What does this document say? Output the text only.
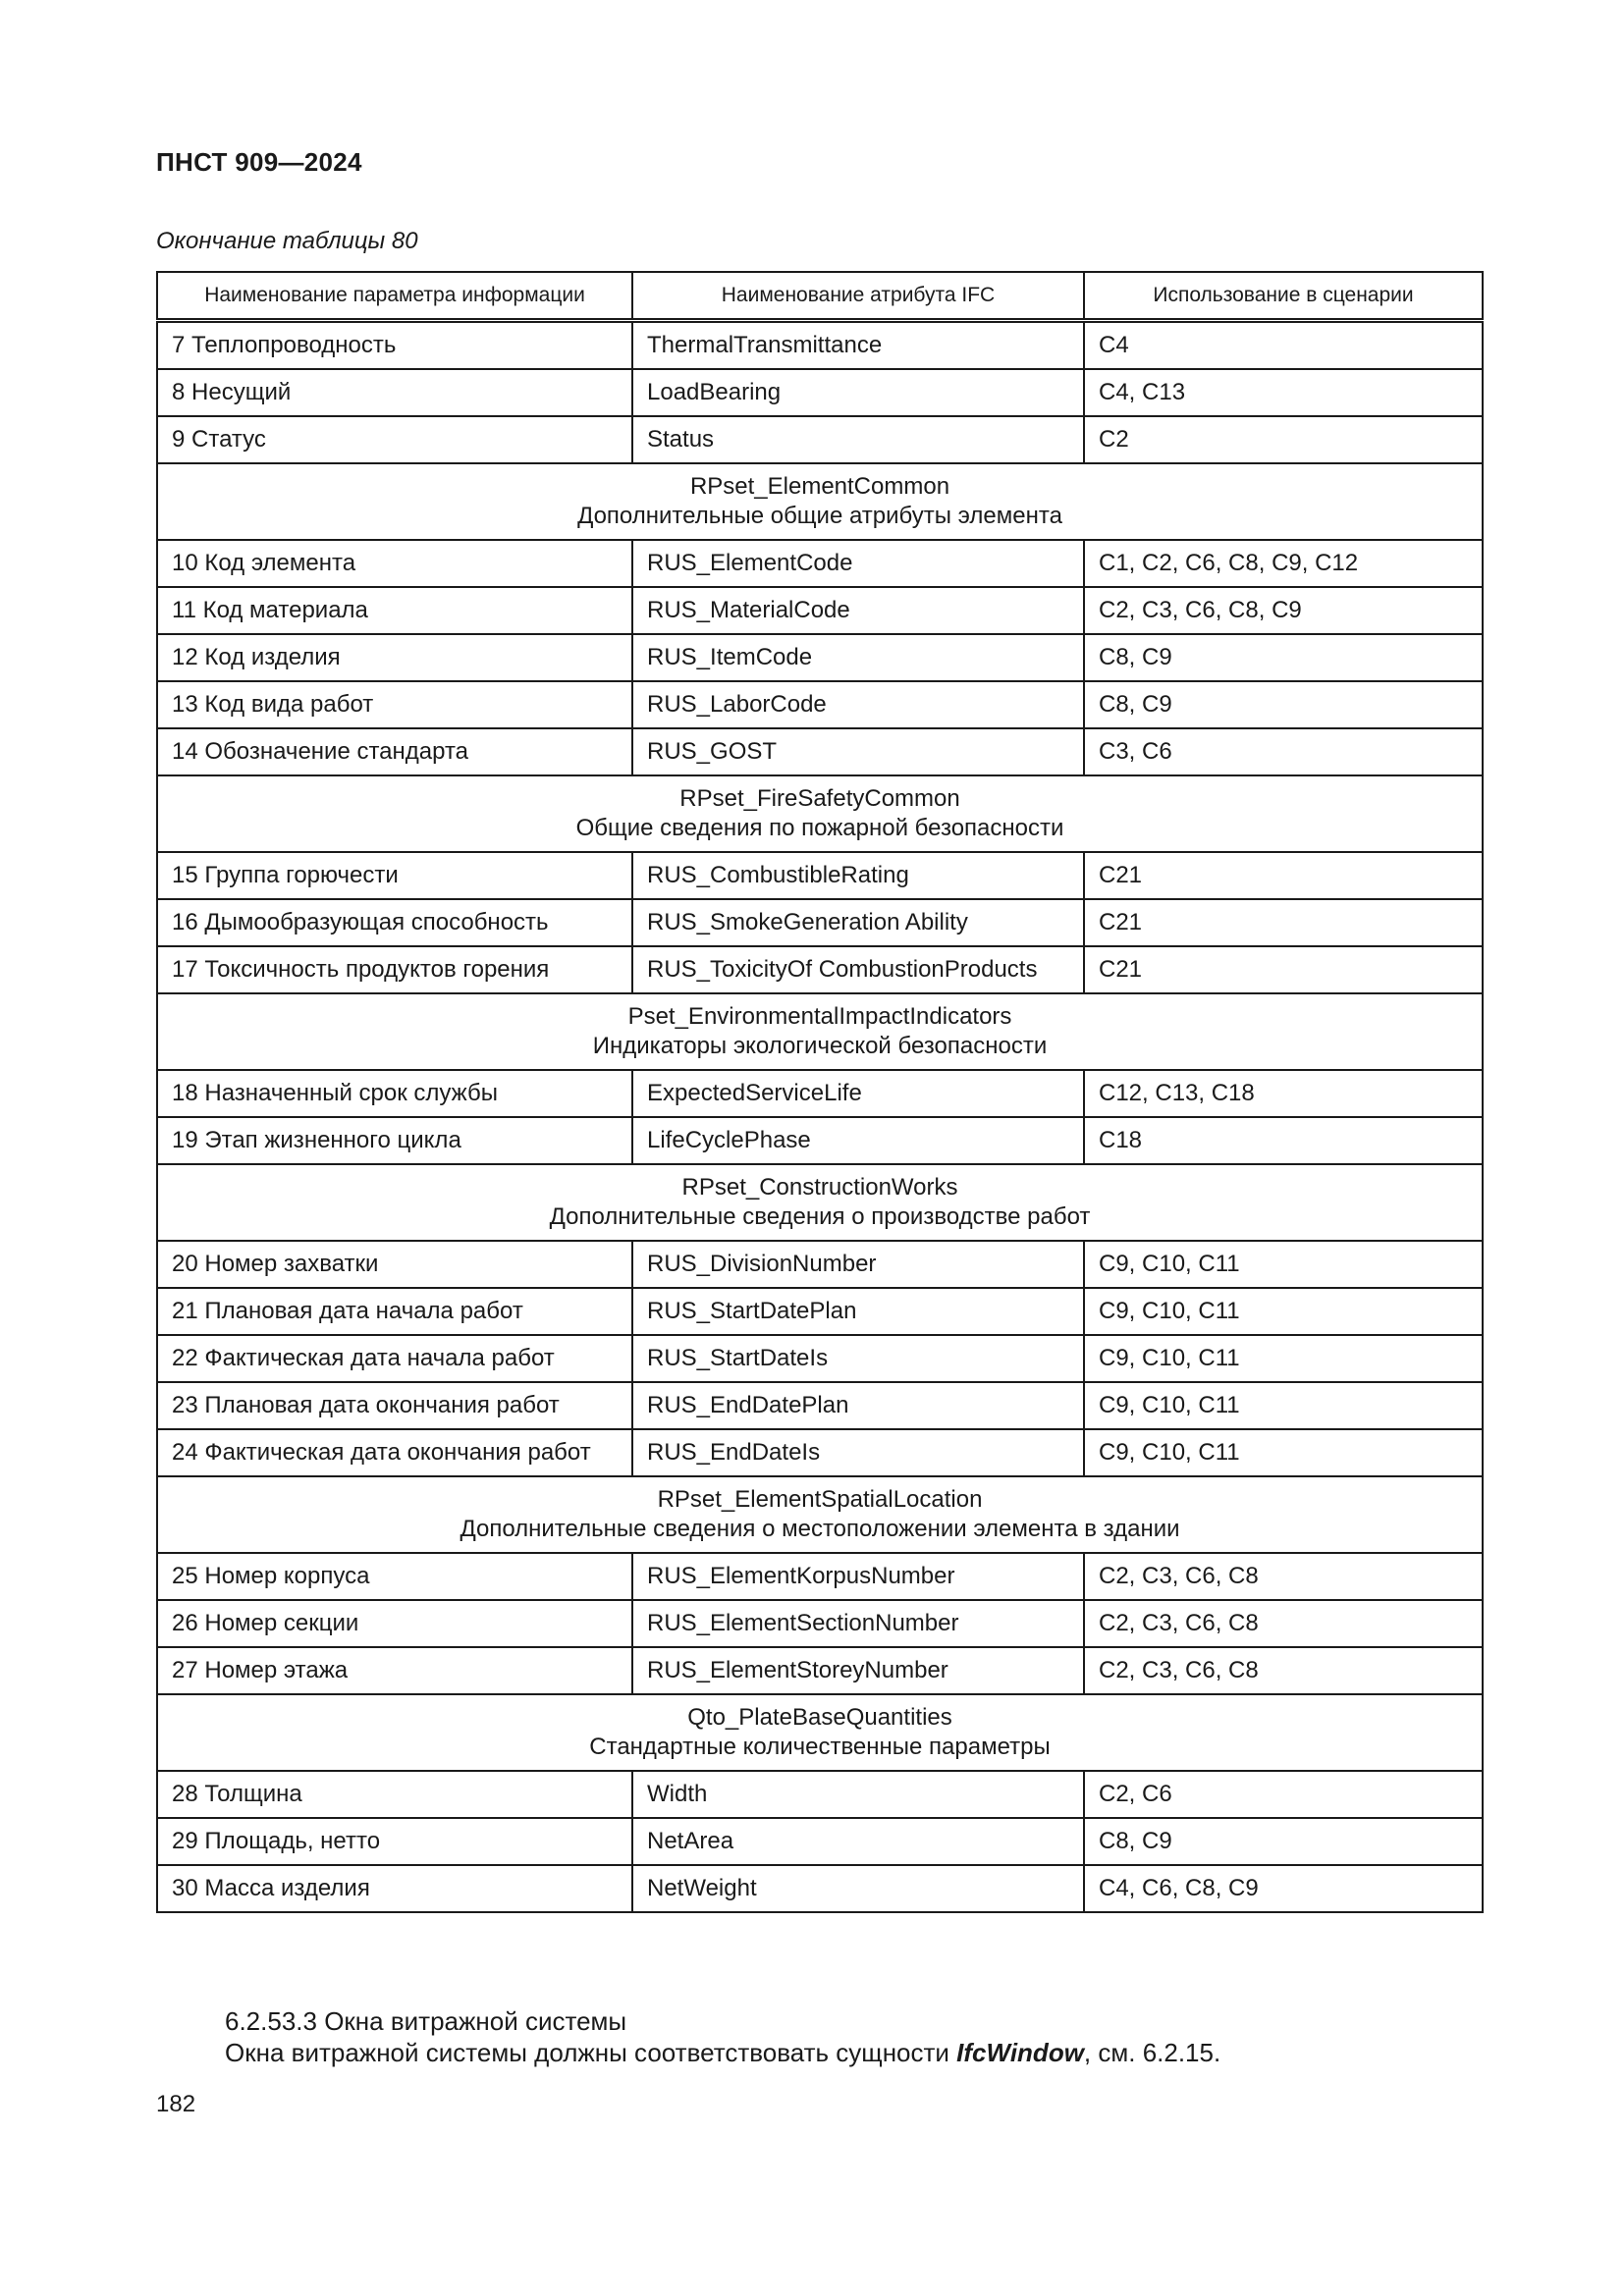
ПНСТ 909—2024
Окончание таблицы 80
Наименование параметра информации	Наименование атрибута IFC	Использование в сценарии
7 Теплопроводность	ThermalTransmittance	C4
8 Несущий	LoadBearing	C4, C13
9 Статус	Status	C2

RPset_ElementCommon
Дополнительные общие атрибуты элемента		

10 Код элемента	RUS_ElementCode	C1, C2, C6, C8, C9, C12
11 Код материала	RUS_MaterialCode	C2, C3, C6, C8, C9
12 Код изделия	RUS_ItemCode	C8, C9
13 Код вида работ	RUS_LaborCode	C8, C9
14 Обозначение стандарта	RUS_GOST	C3, C6

RPset_FireSafetyCommon
Общие сведения по пожарной безопасности		

15 Группа горючести	RUS_CombustibleRating	C21
16 Дымообразующая способность	RUS_SmokeGeneration Ability	C21
17 Токсичность продуктов горения	RUS_ToxicityOf CombustionProducts	C21

Pset_EnvironmentalImpactIndicators
Индикаторы экологической безопасности		

18 Назначенный срок службы	ExpectedServiceLife	C12, C13, C18
19 Этап жизненного цикла	LifeCyclePhase	C18

RPset_ConstructionWorks
Дополнительные сведения о производстве работ		

20 Номер захватки	RUS_DivisionNumber	C9, C10, C11
21 Плановая дата начала работ	RUS_StartDatePlan	C9, C10, C11
22 Фактическая дата начала работ	RUS_StartDateIs	C9, C10, C11
23 Плановая дата окончания работ	RUS_EndDatePlan	C9, C10, C11
24 Фактическая дата окончания работ	RUS_EndDateIs	C9, C10, C11

RPset_ElementSpatialLocation
Дополнительные сведения о местоположении элемента в здании		

25 Номер корпуса	RUS_ElementKorpusNumber	C2, C3, C6, C8
26 Номер секции	RUS_ElementSectionNumber	C2, C3, C6, C8
27 Номер этажа	RUS_ElementStoreyNumber	C2, C3, C6, C8

Qto_PlateBaseQuantities
Стандартные количественные параметры		

28 Толщина	Width	C2, C6
29 Площадь, нетто	NetArea	C8, C9
30 Масса изделия	NetWeight	C4, C6, C8, C9
6.2.53.3 Окна витражной системы
Окна витражной системы должны соответствовать сущности IfcWindow, см. 6.2.15.
182
